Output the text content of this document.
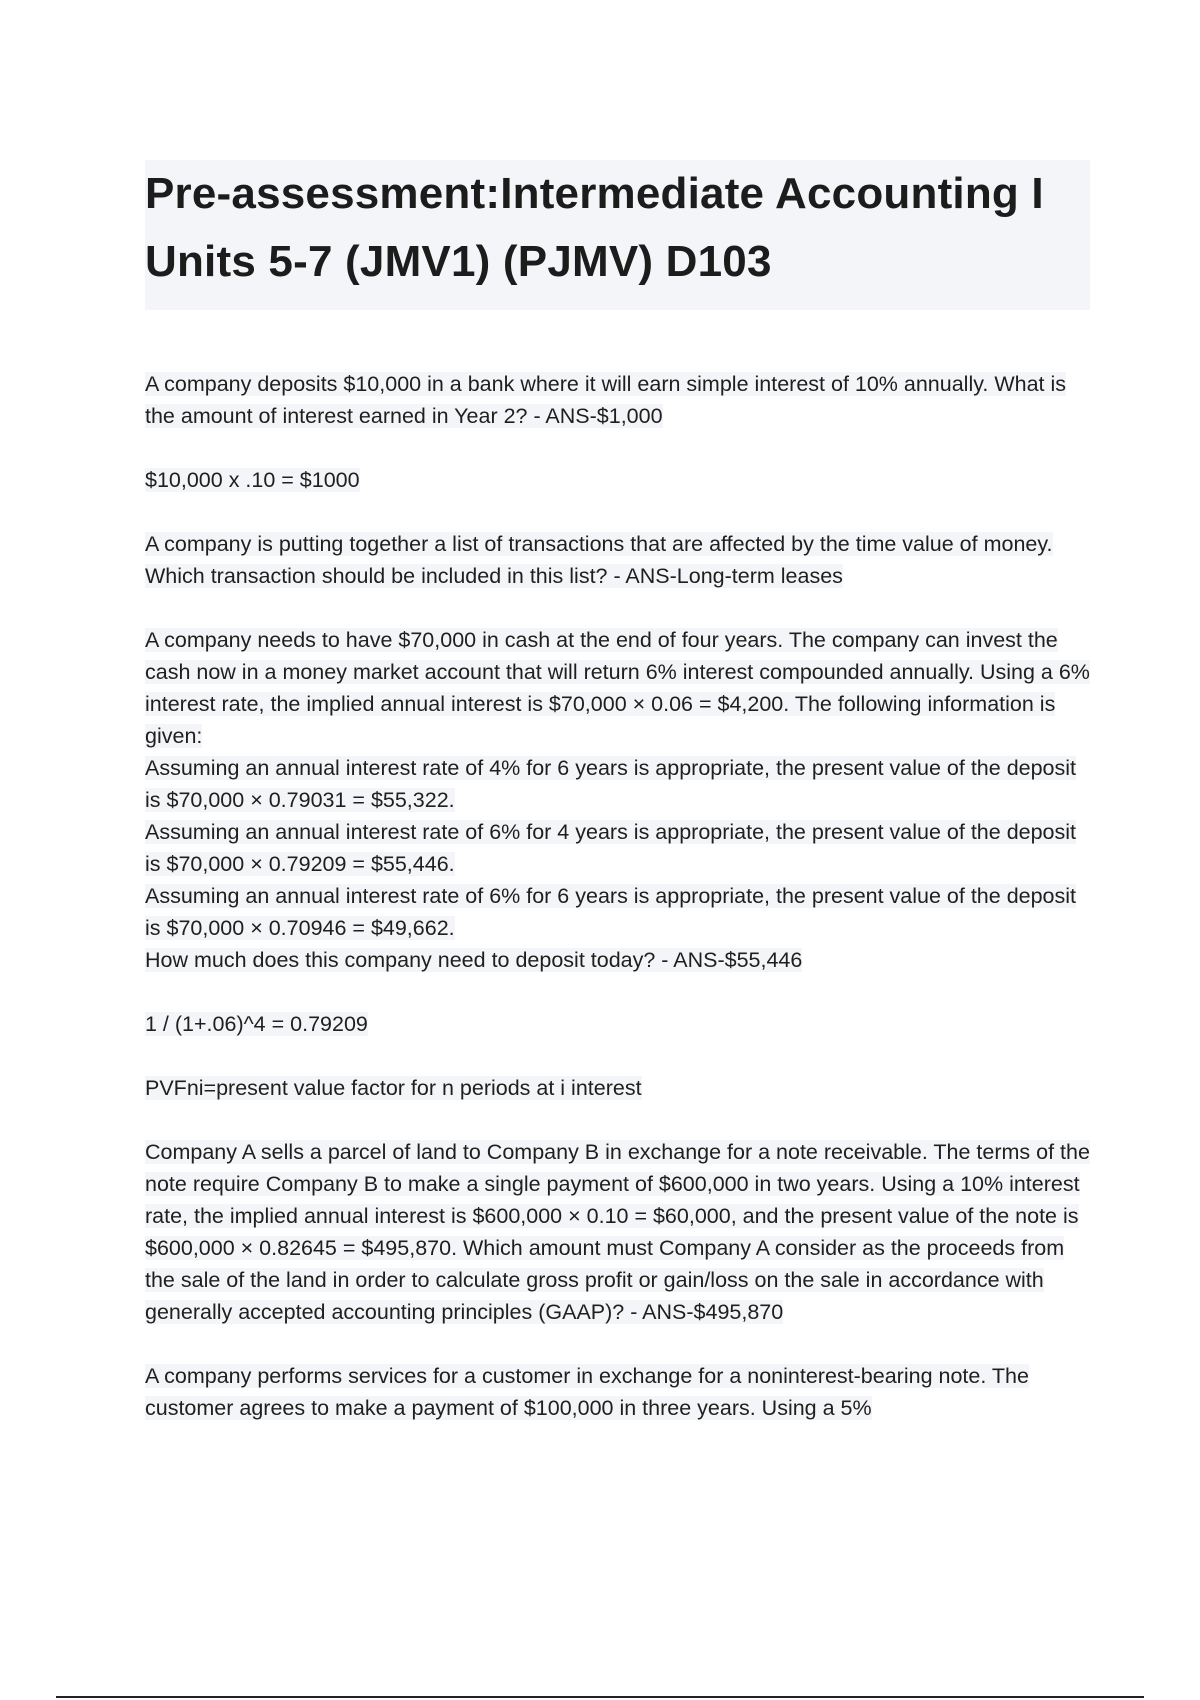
Pre-assessment:Intermediate Accounting I Units 5-7 (JMV1) (PJMV) D103

A company deposits $10,000 in a bank where it will earn simple interest of 10% annually. What is the amount of interest earned in Year 2? - ANS-$1,000

$10,000 x .10 = $1000

A company is putting together a list of transactions that are affected by the time value of money. Which transaction should be included in this list? - ANS-Long-term leases

A company needs to have $70,000 in cash at the end of four years. The company can invest the cash now in a money market account that will return 6% interest compounded annually. Using a 6% interest rate, the implied annual interest is $70,000 × 0.06 = $4,200. The following information is given:

Assuming an annual interest rate of 4% for 6 years is appropriate, the present value of the deposit is $70,000 × 0.79031 = $55,322.

Assuming an annual interest rate of 6% for 4 years is appropriate, the present value of the deposit is $70,000 × 0.79209 = $55,446.

Assuming an annual interest rate of 6% for 6 years is appropriate, the present value of the deposit is $70,000 × 0.70946 = $49,662.

How much does this company need to deposit today? - ANS-$55,446

1 / (1+.06)^4 = 0.79209

PVFni=present value factor for n periods at i interest

Company A sells a parcel of land to Company B in exchange for a note receivable. The terms of the note require Company B to make a single payment of $600,000 in two years. Using a 10% interest rate, the implied annual interest is $600,000 × 0.10 = $60,000, and the present value of the note is $600,000 × 0.82645 = $495,870. Which amount must Company A consider as the proceeds from the sale of the land in order to calculate gross profit or gain/loss on the sale in accordance with generally accepted accounting principles (GAAP)? - ANS-$495,870

A company performs services for a customer in exchange for a noninterest-bearing note. The customer agrees to make a payment of $100,000 in three years. Using a 5%
